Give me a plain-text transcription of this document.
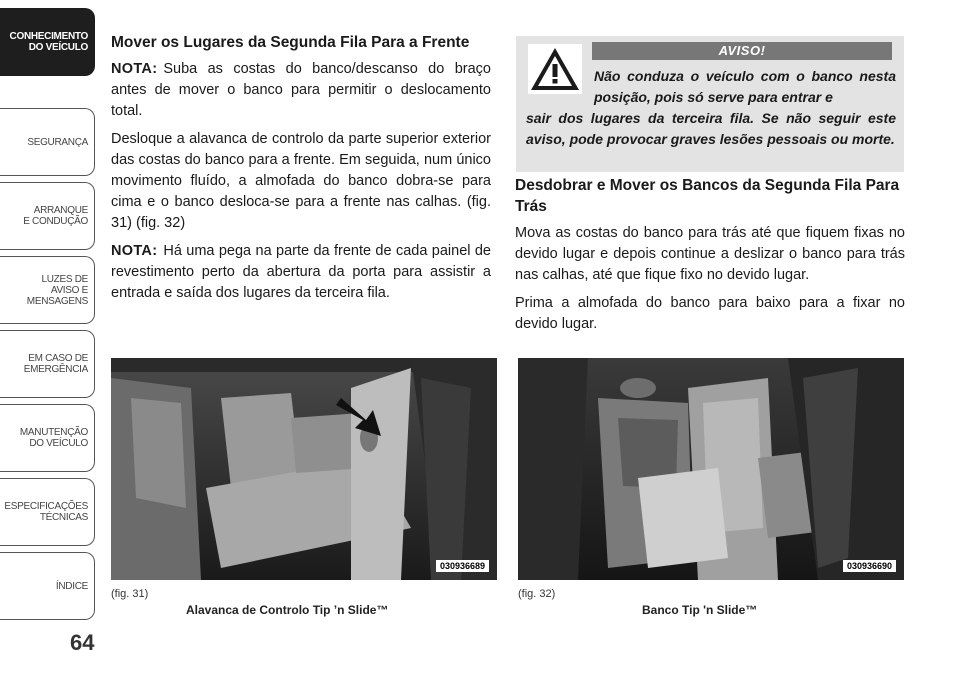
CONHECIMENTO
DO VEÍCULO
SEGURANÇA
ARRANQUE
E CONDUÇÃO
LUZES DE
AVISO E
MENSAGENS
EM CASO DE
EMERGÊNCIA
MANUTENÇÃO
DO VEÍCULO
ESPECIFICAÇÕES
TÉCNICAS
ÍNDICE
64
Mover os Lugares da Segunda Fila Para a Frente

NOTA: Suba as costas do banco/descanso do braço antes de mover o banco para permitir o deslocamento total.

Desloque a alavanca de controlo da parte superior exterior das costas do banco para a frente. Em seguida, num único movimento fluído, a almofada do banco dobra-se para cima e o banco desloca-se para a frente nas calhas. (fig. 31) (fig. 32)

NOTA: Há uma pega na parte da frente de cada painel de revestimento perto da abertura da porta para assistir a entrada e saída dos lugares da terceira fila.

AVISO!
Não conduza o veículo com o banco nesta posição, pois só serve para entrar e
sair dos lugares da terceira fila. Se não seguir este aviso, pode provocar graves lesões pessoais ou morte.
Desdobrar e Mover os Bancos da Segunda Fila Para Trás

Mova as costas do banco para trás até que fiquem fixas no devido lugar e depois continue a deslizar o banco para trás nas calhas, até que fique fixo no devido lugar.

Prima a almofada do banco para baixo para a fixar no devido lugar.

030936689
(fig. 31)
Alavanca de Controlo Tip ’n Slide™
030936690
(fig. 32)
Banco Tip 'n Slide™
